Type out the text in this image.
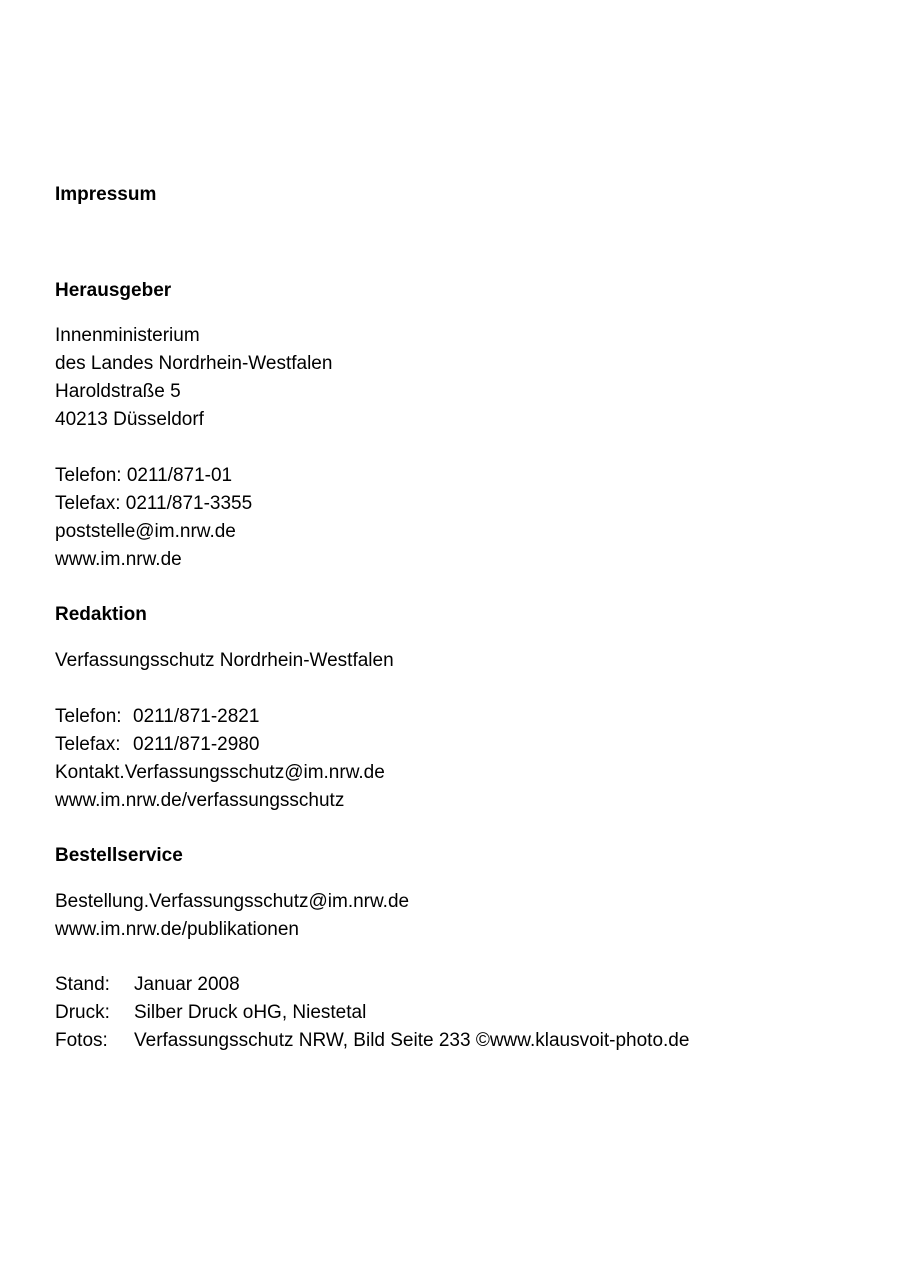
Impressum
Herausgeber
Innenministerium
des Landes Nordrhein-Westfalen
Haroldstraße 5
40213 Düsseldorf
Telefon: 0211/871-01
Telefax: 0211/871-3355
poststelle@im.nrw.de
www.im.nrw.de
Redaktion
Verfassungsschutz Nordrhein-Westfalen
Telefon: 0211/871-2821
Telefax: 0211/871-2980
Kontakt.Verfassungsschutz@im.nrw.de
www.im.nrw.de/verfassungsschutz
Bestellservice
Bestellung.Verfassungsschutz@im.nrw.de
www.im.nrw.de/publikationen
Stand: Januar 2008
Druck: Silber Druck oHG, Niestetal
Fotos: Verfassungsschutz NRW, Bild Seite 233 ©www.klausvoit-photo.de
